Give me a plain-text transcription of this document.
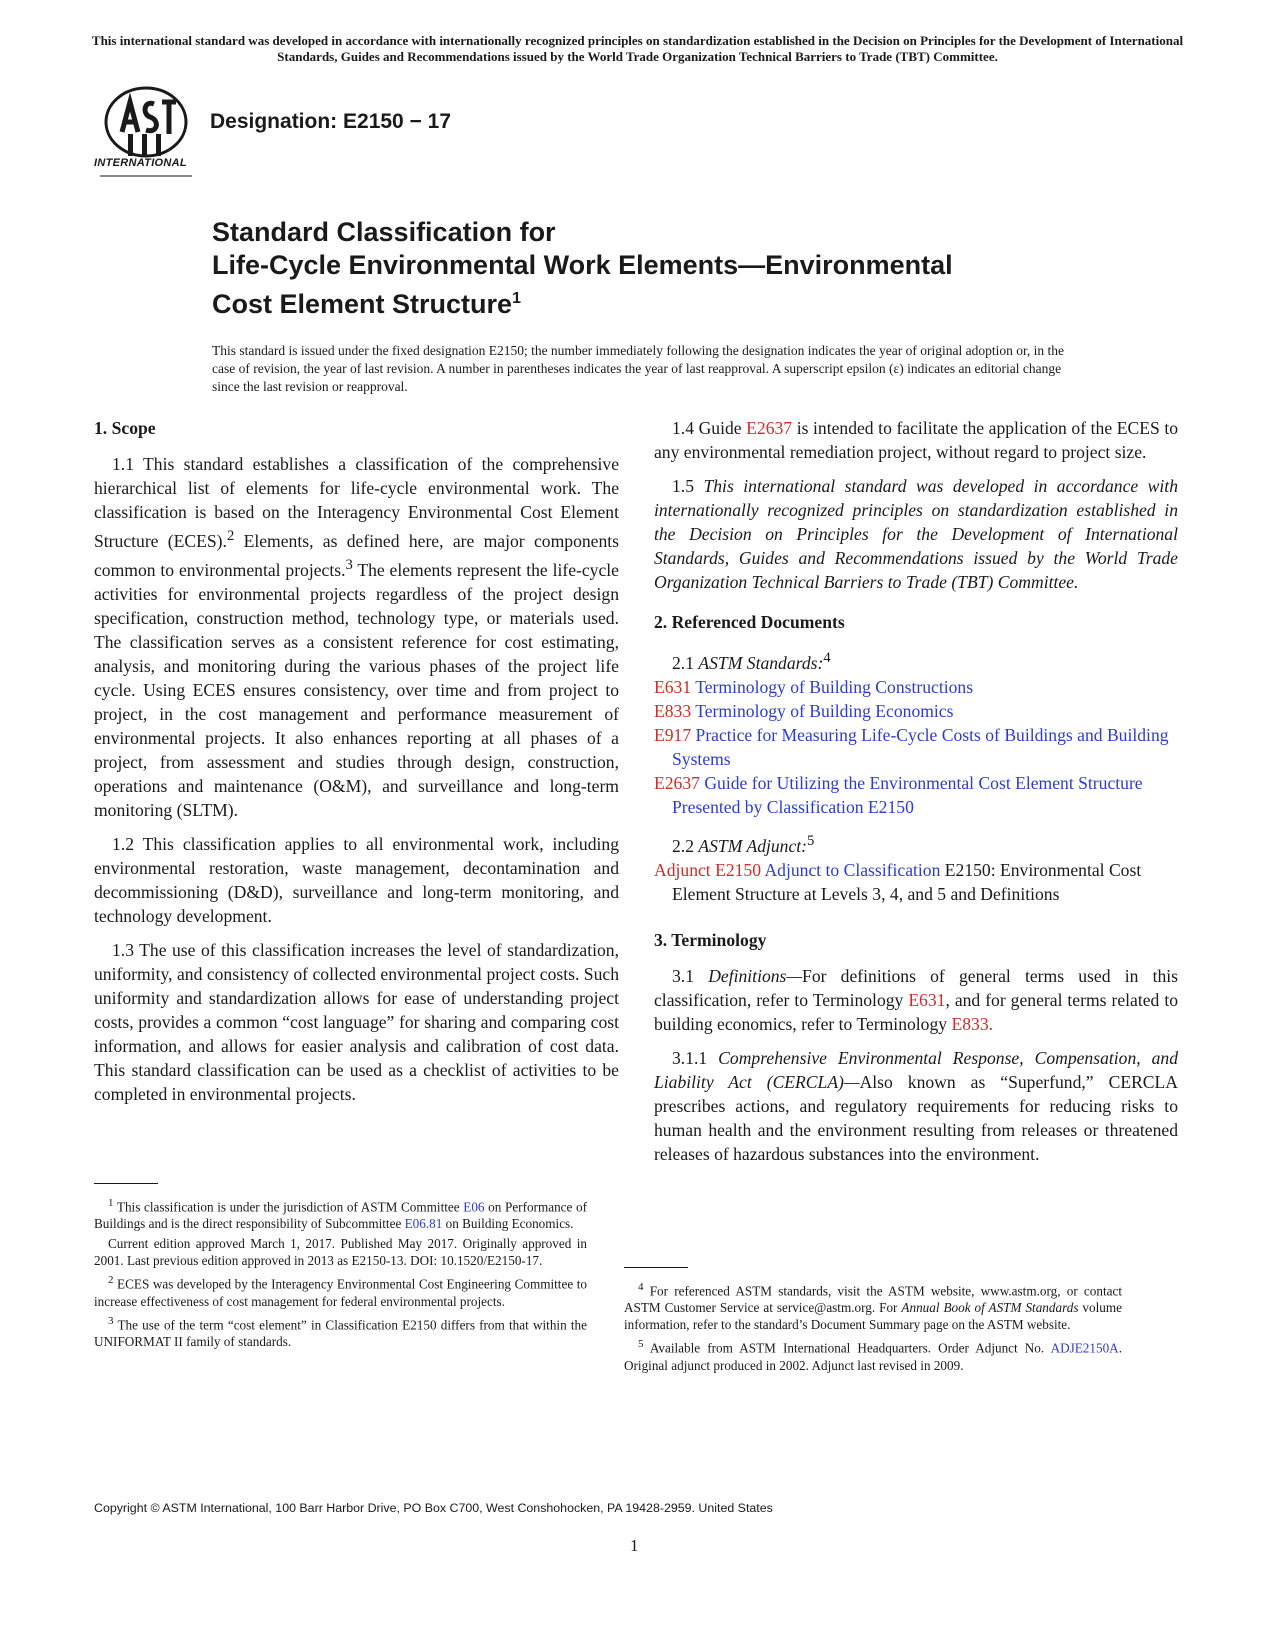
This international standard was developed in accordance with internationally recognized principles on standardization established in the Decision on Principles for the Development of International Standards, Guides and Recommendations issued by the World Trade Organization Technical Barriers to Trade (TBT) Committee.
INTERNATIONAL
Designation: E2150 − 17
Standard Classification for
Life-Cycle Environmental Work Elements—Environmental
Cost Element Structure$^1$
This standard is issued under the fixed designation E2150; the number immediately following the designation indicates the year of original adoption or, in the case of revision, the year of last revision. A number in parentheses indicates the year of last reapproval. A superscript epsilon (ε) indicates an editorial change since the last revision or reapproval.
1. Scope

1.1 This standard establishes a classification of the comprehensive hierarchical list of elements for life-cycle environmental work. The classification is based on the Interagency Environmental Cost Element Structure (ECES).$^2$ Elements, as defined here, are major components common to environmental projects.$^3$ The elements represent the life-cycle activities for environmental projects regardless of the project design specification, construction method, technology type, or materials used. The classification serves as a consistent reference for cost estimating, analysis, and monitoring during the various phases of the project life cycle. Using ECES ensures consistency, over time and from project to project, in the cost management and performance measurement of environmental projects. It also enhances reporting at all phases of a project, from assessment and studies through design, construction, operations and maintenance (O&M), and surveillance and long-term monitoring (SLTM).

1.2 This classification applies to all environmental work, including environmental restoration, waste management, decontamination and decommissioning (D&D), surveillance and long-term monitoring, and technology development.

1.3 The use of this classification increases the level of standardization, uniformity, and consistency of collected environmental project costs. Such uniformity and standardization allows for ease of understanding project costs, provides a common “cost language” for sharing and comparing cost information, and allows for easier analysis and calibration of cost data. This standard classification can be used as a checklist of activities to be completed in environmental projects.

$^1$ This classification is under the jurisdiction of ASTM Committee E06 on Performance of Buildings and is the direct responsibility of Subcommittee E06.81 on Building Economics.

Current edition approved March 1, 2017. Published May 2017. Originally approved in 2001. Last previous edition approved in 2013 as E2150-13. DOI: 10.1520/E2150-17.

$^2$ ECES was developed by the Interagency Environmental Cost Engineering Committee to increase effectiveness of cost management for federal environmental projects.

$^3$ The use of the term “cost element” in Classification E2150 differs from that within the UNIFORMAT II family of standards.

1.4 Guide E2637 is intended to facilitate the application of the ECES to any environmental remediation project, without regard to project size.

1.5 This international standard was developed in accordance with internationally recognized principles on standardization established in the Decision on Principles for the Development of International Standards, Guides and Recommendations issued by the World Trade Organization Technical Barriers to Trade (TBT) Committee.

2. Referenced Documents

2.1 ASTM Standards:$^4$

E631 Terminology of Building Constructions

E833 Terminology of Building Economics

E917 Practice for Measuring Life-Cycle Costs of Buildings and Building Systems

E2637 Guide for Utilizing the Environmental Cost Element Structure Presented by Classification E2150

2.2 ASTM Adjunct:$^5$

Adjunct E2150 Adjunct to Classification E2150: Environmental Cost Element Structure at Levels 3, 4, and 5 and Definitions

3. Terminology

3.1 Definitions—For definitions of general terms used in this classification, refer to Terminology E631, and for general terms related to building economics, refer to Terminology E833.

3.1.1 Comprehensive Environmental Response, Compensation, and Liability Act (CERCLA)—Also known as “Superfund,” CERCLA prescribes actions, and regulatory requirements for reducing risks to human health and the environment resulting from releases or threatened releases of hazardous substances into the environment.

$^4$ For referenced ASTM standards, visit the ASTM website, www.astm.org, or contact ASTM Customer Service at service@astm.org. For Annual Book of ASTM Standards volume information, refer to the standard’s Document Summary page on the ASTM website.

$^5$ Available from ASTM International Headquarters. Order Adjunct No. ADJE2150A. Original adjunct produced in 2002. Adjunct last revised in 2009.

Copyright © ASTM International, 100 Barr Harbor Drive, PO Box C700, West Conshohocken, PA 19428-2959. United States
1
